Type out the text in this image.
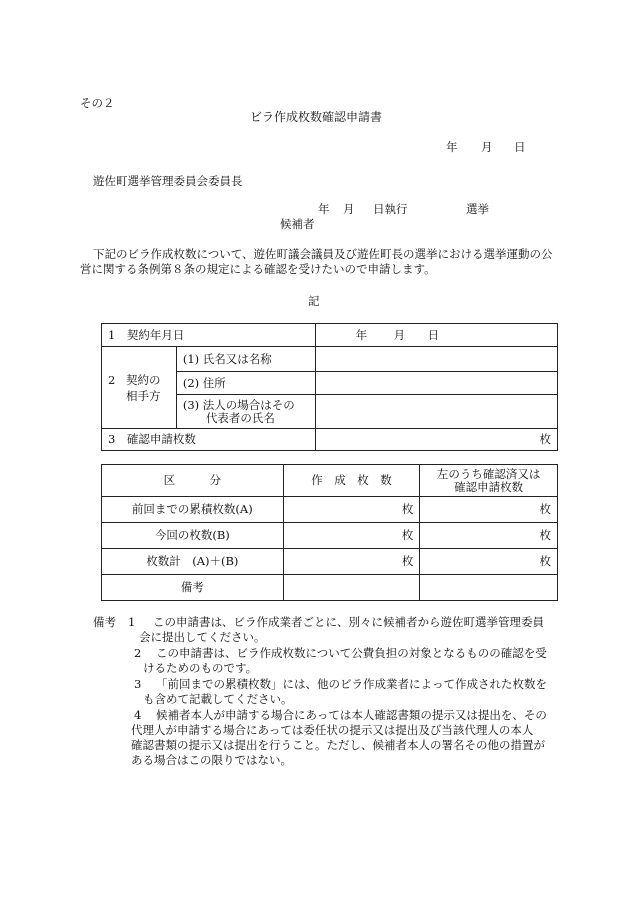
その２
ビラ作成枚数確認申請書
年 月 日
遊佐町選挙管理委員会委員長
年 月 日執行	選挙
候補者
下記のビラ作成枚数について、遊佐町議会議員及び遊佐町長の選挙における選挙運動の公
営に関する条例第８条の規定による確認を受けたいので申請します。
記
1　 契約年月日		年 月 日

2 契約の
相手方	(1) 氏名又は名称	
	(2) 住所	

	(3) 法人の場合はその
代表者の氏名	

3　 確認申請枚数		枚
区　　　分	作　成　枚　数	左のうち確認済又は
確認申請枚数

前回までの累積枚数(A)	枚	枚
今回の枚数(B)	枚	枚
枚数計　(A)＋(B)	枚	枚
備考		
備考 1 この申請書は、ビラ作成業者ごとに、別々に候補者から遊佐町選挙管理委員
会に提出してください。
2 この申請書は、ビラ作成枚数について公費負担の対象となるものの確認を受
けるためのものです。
3 「前回までの累積枚数」には、他のビラ作成業者によって作成された枚数を
も含めて記載してください。
4 候補者本人が申請する場合にあっては本人確認書類の提示又は提出を、その
代理人が申請する場合にあっては委任状の提示又は提出及び当該代理人の本人
確認書類の提示又は提出を行うこと。ただし、候補者本人の署名その他の措置が
ある場合はこの限りではない。
